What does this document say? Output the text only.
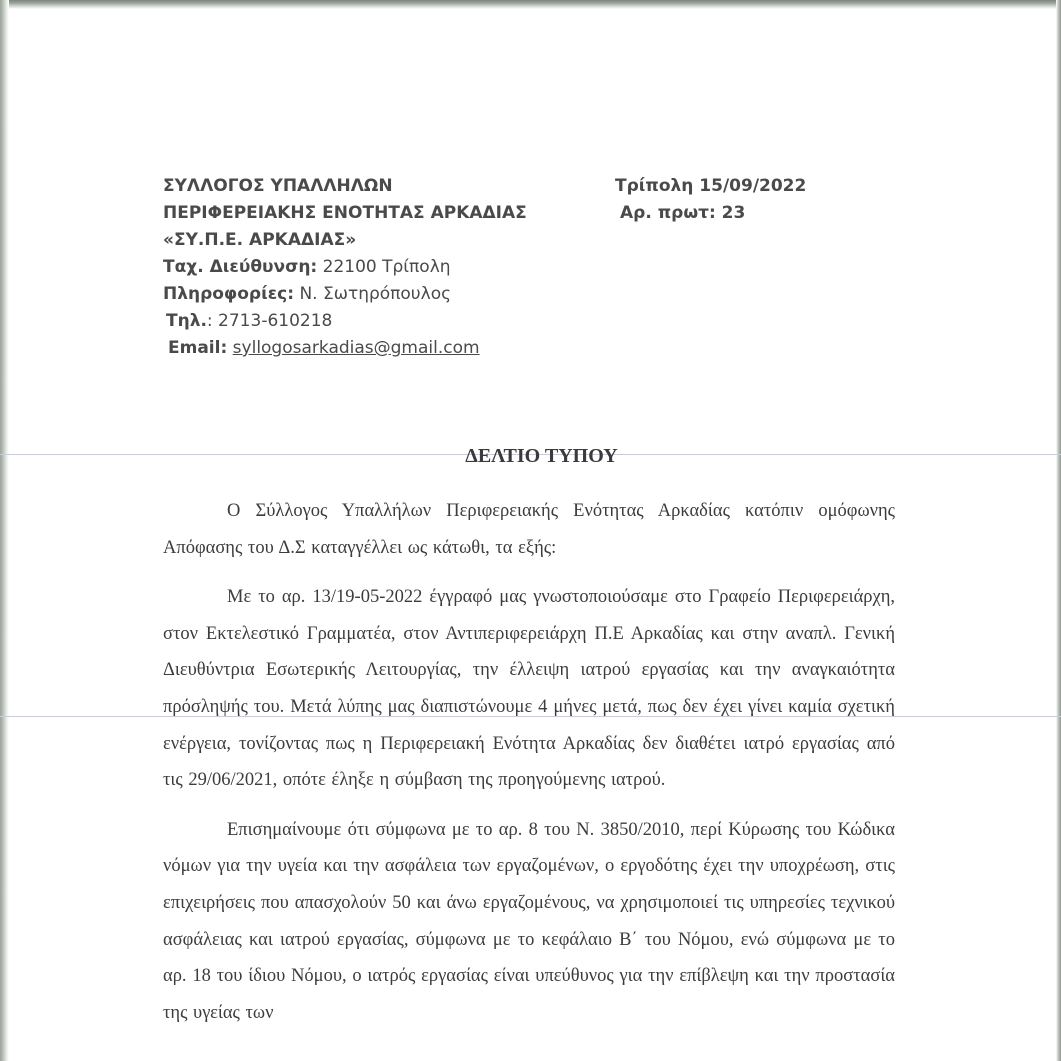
ΣΥΛΛΟΓΟΣ ΥΠΑΛΛΗΛΩΝ
ΠΕΡΙΦΕΡΕΙΑΚΗΣ ΕΝΟΤΗΤΑΣ ΑΡΚΑΔΙΑΣ
«ΣΥ.Π.Ε. ΑΡΚΑΔΙΑΣ»
Ταχ. Διεύθυνση: 22100 Τρίπολη
Πληροφορίες: Ν. Σωτηρόπουλος
Τηλ.: 2713-610218
Email: syllogosarkadias@gmail.com
Τρίπολη 15/09/2022
Αρ. πρωτ: 23
ΔΕΛΤΙΟ ΤΥΠΟΥ

Ο Σύλλογος Υπαλλήλων Περιφερειακής Ενότητας Αρκαδίας κατόπιν ομόφωνης Απόφασης του Δ.Σ καταγγέλλει ως κάτωθι, τα εξής:

Με το αρ. 13/19-05-2022 έγγραφό μας γνωστοποιούσαμε στο Γραφείο Περιφερειάρχη, στον Εκτελεστικό Γραμματέα, στον Αντιπεριφερειάρχη Π.Ε Αρκαδίας και στην αναπλ. Γενική Διευθύντρια Εσωτερικής Λειτουργίας, την έλλειψη ιατρού εργασίας και την αναγκαιότητα πρόσληψής του. Μετά λύπης μας διαπιστώνουμε 4 μήνες μετά, πως δεν έχει γίνει καμία σχετική ενέργεια, τονίζοντας πως η Περιφερειακή Ενότητα Αρκαδίας δεν διαθέτει ιατρό εργασίας από τις 29/06/2021, οπότε έληξε η σύμβαση της προηγούμενης ιατρού.

Επισημαίνουμε ότι σύμφωνα με το αρ. 8 του Ν. 3850/2010, περί Κύρωσης του Κώδικα νόμων για την υγεία και την ασφάλεια των εργαζομένων, ο εργοδότης έχει την υποχρέωση, στις επιχειρήσεις που απασχολούν 50 και άνω εργαζομένους, να χρησιμοποιεί τις υπηρεσίες τεχνικού ασφάλειας και ιατρού εργασίας, σύμφωνα με το κεφάλαιο Β΄ του Νόμου, ενώ σύμφωνα με το αρ. 18 του ίδιου Νόμου, ο ιατρός εργασίας είναι υπεύθυνος για την επίβλεψη και την προστασία της υγείας των
